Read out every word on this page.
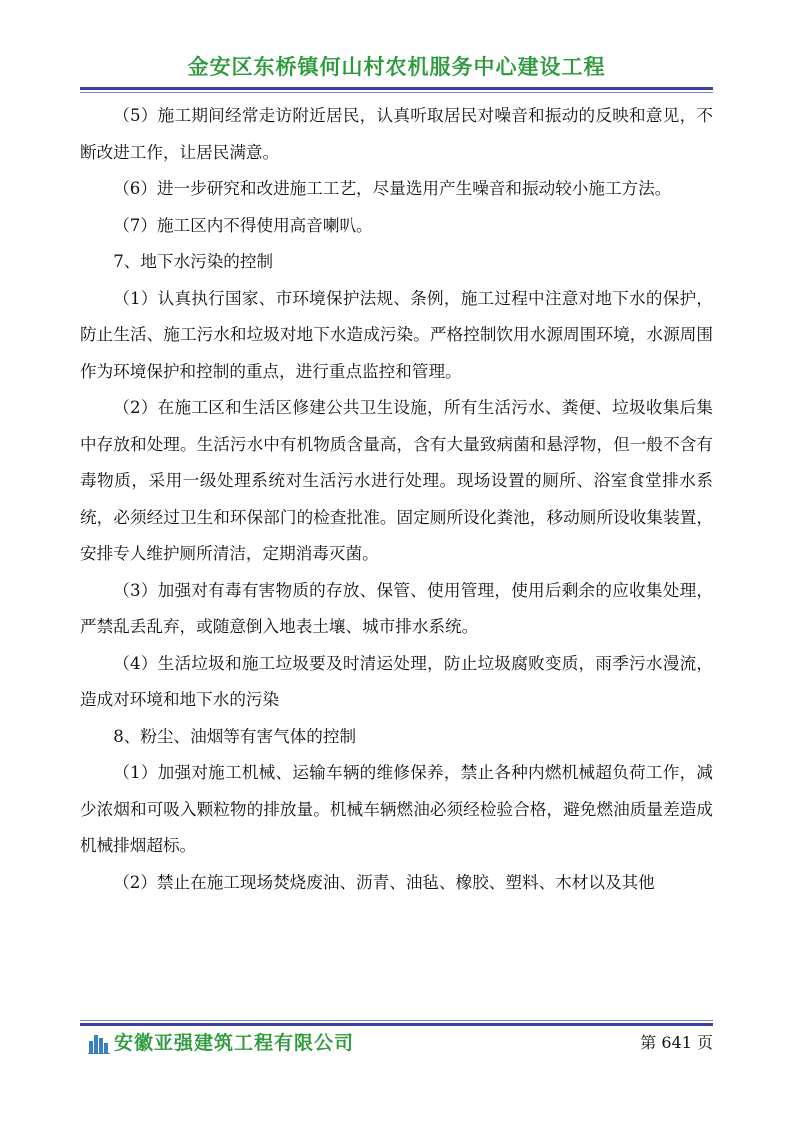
金安区东桥镇何山村农机服务中心建设工程

（5）施工期间经常走访附近居民，认真听取居民对噪音和振动的反映和意见，不断改进工作，让居民满意。

（6）进一步研究和改进施工工艺，尽量选用产生噪音和振动较小施工方法。

（7）施工区内不得使用高音喇叭。

7、地下水污染的控制

（1）认真执行国家、市环境保护法规、条例，施工过程中注意对地下水的保护，防止生活、施工污水和垃圾对地下水造成污染。严格控制饮用水源周围环境，水源周围作为环境保护和控制的重点，进行重点监控和管理。

（2）在施工区和生活区修建公共卫生设施，所有生活污水、粪便、垃圾收集后集中存放和处理。生活污水中有机物质含量高，含有大量致病菌和悬浮物，但一般不含有毒物质，采用一级处理系统对生活污水进行处理。现场设置的厕所、浴室食堂排水系统，必须经过卫生和环保部门的检查批准。固定厕所设化粪池，移动厕所设收集装置，安排专人维护厕所清洁，定期消毒灭菌。

（3）加强对有毒有害物质的存放、保管、使用管理，使用后剩余的应收集处理，严禁乱丢乱弃，或随意倒入地表土壤、城市排水系统。

（4）生活垃圾和施工垃圾要及时清运处理，防止垃圾腐败变质，雨季污水漫流，造成对环境和地下水的污染

8、粉尘、油烟等有害气体的控制

（1）加强对施工机械、运输车辆的维修保养，禁止各种内燃机械超负荷工作，减少浓烟和可吸入颗粒物的排放量。机械车辆燃油必须经检验合格，避免燃油质量差造成机械排烟超标。

（2）禁止在施工现场焚烧废油、沥青、油毡、橡胶、塑料、木材以及其他

安徽亚强建筑工程有限公司	第 641 页
